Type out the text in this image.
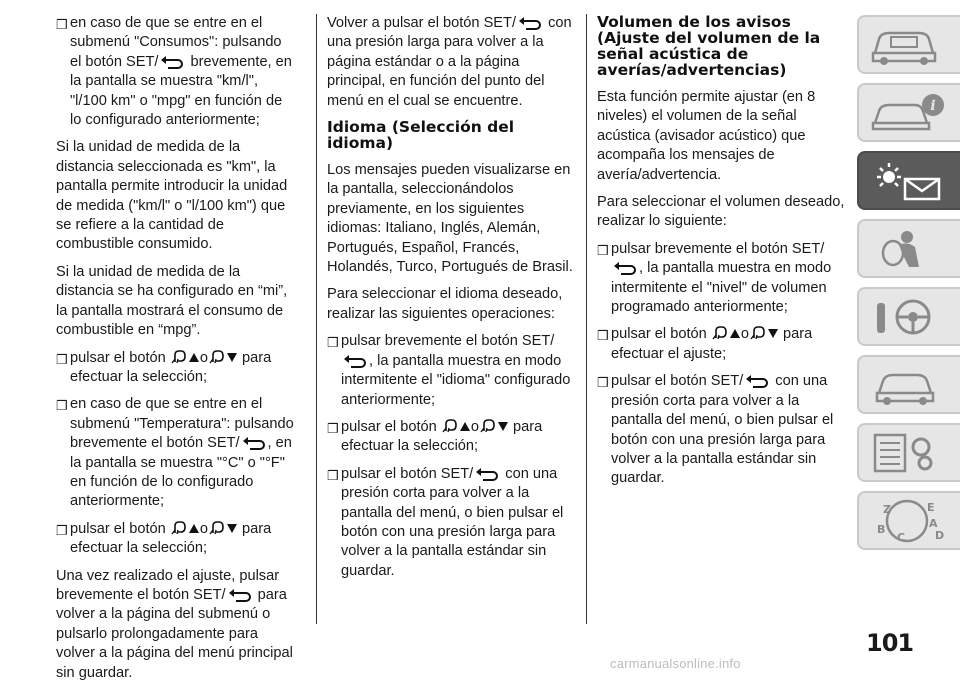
❒ en caso de que se entre en el submenú "Consumos": pulsando el botón SET/ brevemente, en la pantalla se muestra "km/l", "l/100 km" o "mpg" en función de lo configurado anteriormente;

Si la unidad de medida de la distancia seleccionada es "km", la pantalla permite introducir la unidad de medida ("km/l" o "l/100 km") que se refiere a la cantidad de combustible consumido.

Si la unidad de medida de la distancia se ha configurado en “mi”, la pantalla mostrará el consumo de combustible en “mpg”.

❒ pulsar el botón o para efectuar la selección;
❒ en caso de que se entre en el submenú "Temperatura": pulsando brevemente el botón SET/ , en la pantalla se muestra "°C" o "°F" en función de lo configurado anteriormente;
❒ pulsar el botón o para efectuar la selección;

Una vez realizado el ajuste, pulsar brevemente el botón SET/ para volver a la página del submenú o pulsarlo prolongadamente para volver a la página del menú principal sin guardar.

Volver a pulsar el botón SET/ con una presión larga para volver a la página estándar o a la página principal, en función del punto del menú en el cual se encuentre.

Idioma (Selección del idioma)

Los mensajes pueden visualizarse en la pantalla, seleccionándolos previamente, en los siguientes idiomas: Italiano, Inglés, Alemán, Portugués, Español, Francés, Holandés, Turco, Portugués de Brasil.

Para seleccionar el idioma deseado, realizar las siguientes operaciones:

❒ pulsar brevemente el botón SET/
, la pantalla muestra en modo intermitente el "idioma" configurado anteriormente;
❒ pulsar el botón o para efectuar la selección;
❒ pulsar el botón SET/ con una presión corta para volver a la pantalla del menú, o bien pulsar el botón con una presión larga para volver a la pantalla estándar sin guardar.
Volumen de los avisos (Ajuste del volumen de la señal acústica de averías/advertencias)

Esta función permite ajustar (en 8 niveles) el volumen de la señal acústica (avisador acústico) que acompaña los mensajes de avería/advertencia.

Para seleccionar el volumen deseado, realizar lo siguiente:

❒ pulsar brevemente el botón SET/
, la pantalla muestra en modo intermitente el "nivel" de volumen programado anteriormente;
❒ pulsar el botón o para efectuar el ajuste;
❒ pulsar el botón SET/ con una presión corta para volver a la pantalla del menú, o bien pulsar el botón con una presión larga para volver a la pantalla estándar sin guardar.
i
Z	E
A
B
C	D
101
carmanualsonline.info
